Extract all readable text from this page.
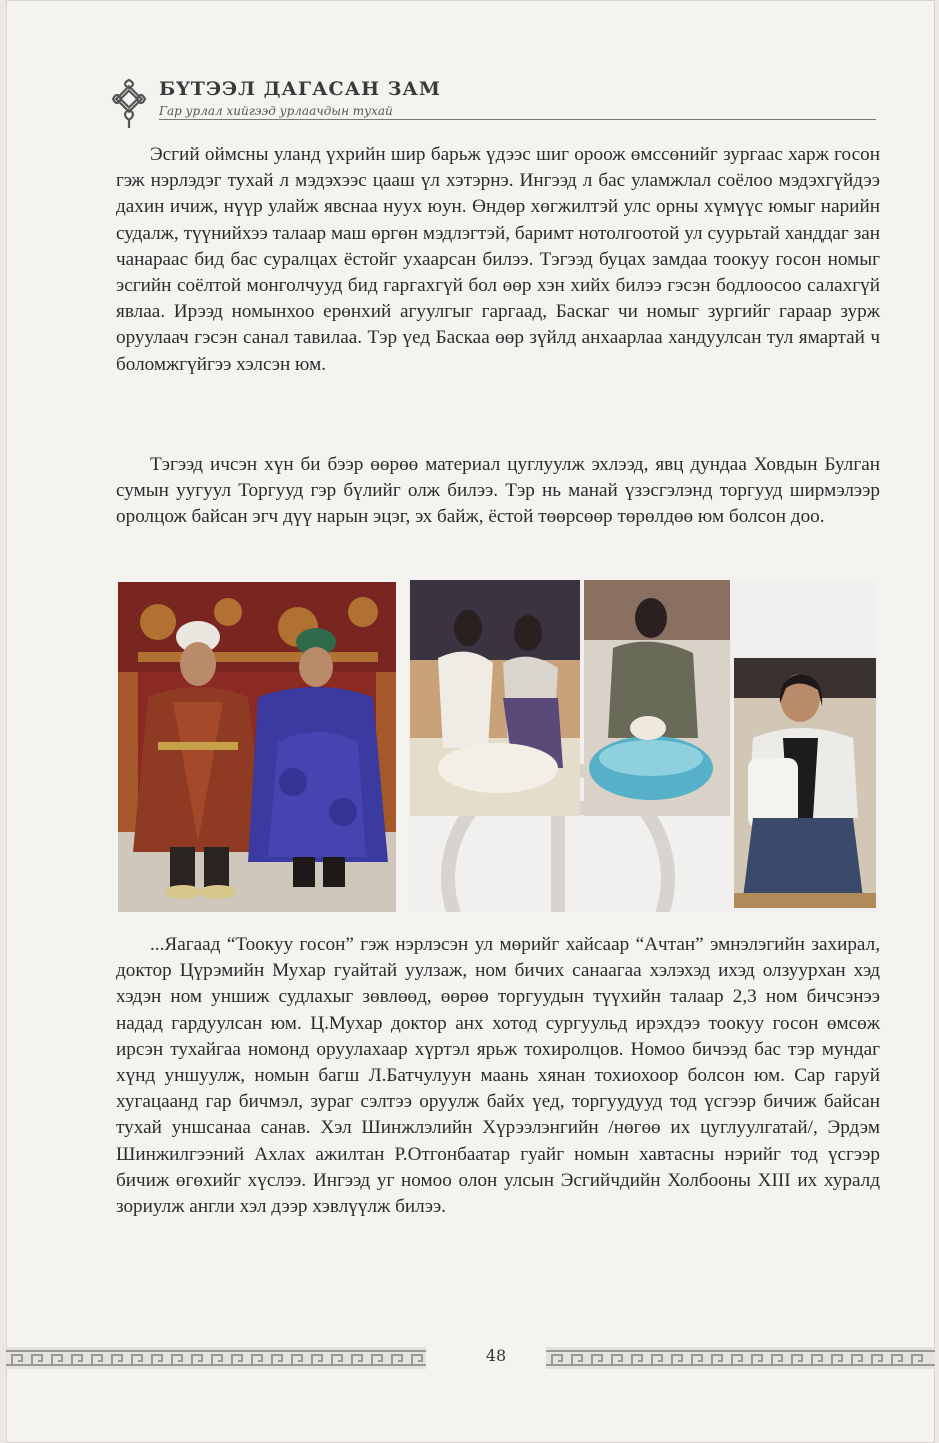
БҮТЭЭЛ ДАГАСАН ЗАМ
Гар урлал хийгээд урлаачдын тухай

Эсгий оймсны уланд үхрийн шир барьж үдээс шиг ороож өмссөнийг зургаас харж госон гэж нэрлэдэг тухай л мэдэхээс цааш үл хэтэрнэ. Ингээд л бас уламжлал соёлоо мэдэхгүйдээ дахин ичиж, нүүр улайж явснаа нуух юун. Өндөр хөгжилтэй улс орны хүмүүс юмыг нарийн судалж, түүнийхээ талаар маш өргөн мэдлэгтэй, баримт нотолгоотой ул суурьтай ханддаг зан чанараас бид бас суралцах ёстойг ухаарсан билээ. Тэгээд буцах замдаа тоокуу госон номыг эсгийн соёлтой монголчууд бид гаргахгүй бол өөр хэн хийх билээ гэсэн бодлоосоо салахгүй явлаа. Ирээд номынхоо ерөнхий агуулгыг гаргаад, Баскаг чи номыг зургийг гараар зурж оруулаач гэсэн санал тавилаа. Тэр үед Баскаа өөр зүйлд анхаарлаа хандуулсан тул ямартай ч боломжгүйгээ хэлсэн юм.

Тэгээд ичсэн хүн би бээр өөрөө материал цуглуулж эхлээд, явц дундаа Ховдын Булган сумын уугуул Торгууд гэр бүлийг олж билээ. Тэр нь манай үзэсгэлэнд торгууд ширмэлээр оролцож байсан эгч дүү нарын эцэг, эх байж, ёстой төөрсөөр төрөлдөө юм болсон доо.

...Яагаад “Тоокуу госон” гэж нэрлэсэн ул мөрийг хайсаар “Ачтан” эмнэлэгийн захирал, доктор Цүрэмийн Мухар гуайтай уулзаж, ном бичих санаагаа хэлэхэд ихэд олзуурхан хэд хэдэн ном уншиж судлахыг зөвлөөд, өөрөө торгуудын түүхийн талаар 2,3 ном бичсэнээ надад гардуулсан юм. Ц.Мухар доктор анх хотод сургуульд ирэхдээ тоокуу госон өмсөж ирсэн тухайгаа номонд оруулахаар хүртэл ярьж тохиролцов. Номоо бичээд бас тэр мундаг хүнд уншуулж, номын багш Л.Батчулуун маань хянан тохиохоор болсон юм. Сар гаруй хугацаанд гар бичмэл, зураг сэлтээ оруулж байх үед, торгуудууд тод үсгээр бичиж байсан тухай уншсанаа санав. Хэл Шинжлэлийн Хүрээлэнгийн /нөгөө их цуглуулгатай/, Эрдэм Шинжилгээний Ахлах ажилтан Р.Отгонбаатар гуайг номын хавтасны нэрийг тод үсгээр бичиж өгөхийг хүслээ. Ингээд уг номоо олон улсын Эсгийчдийн Холбооны XIII их хуралд зориулж англи хэл дээр хэвлүүлж билээ.

48
